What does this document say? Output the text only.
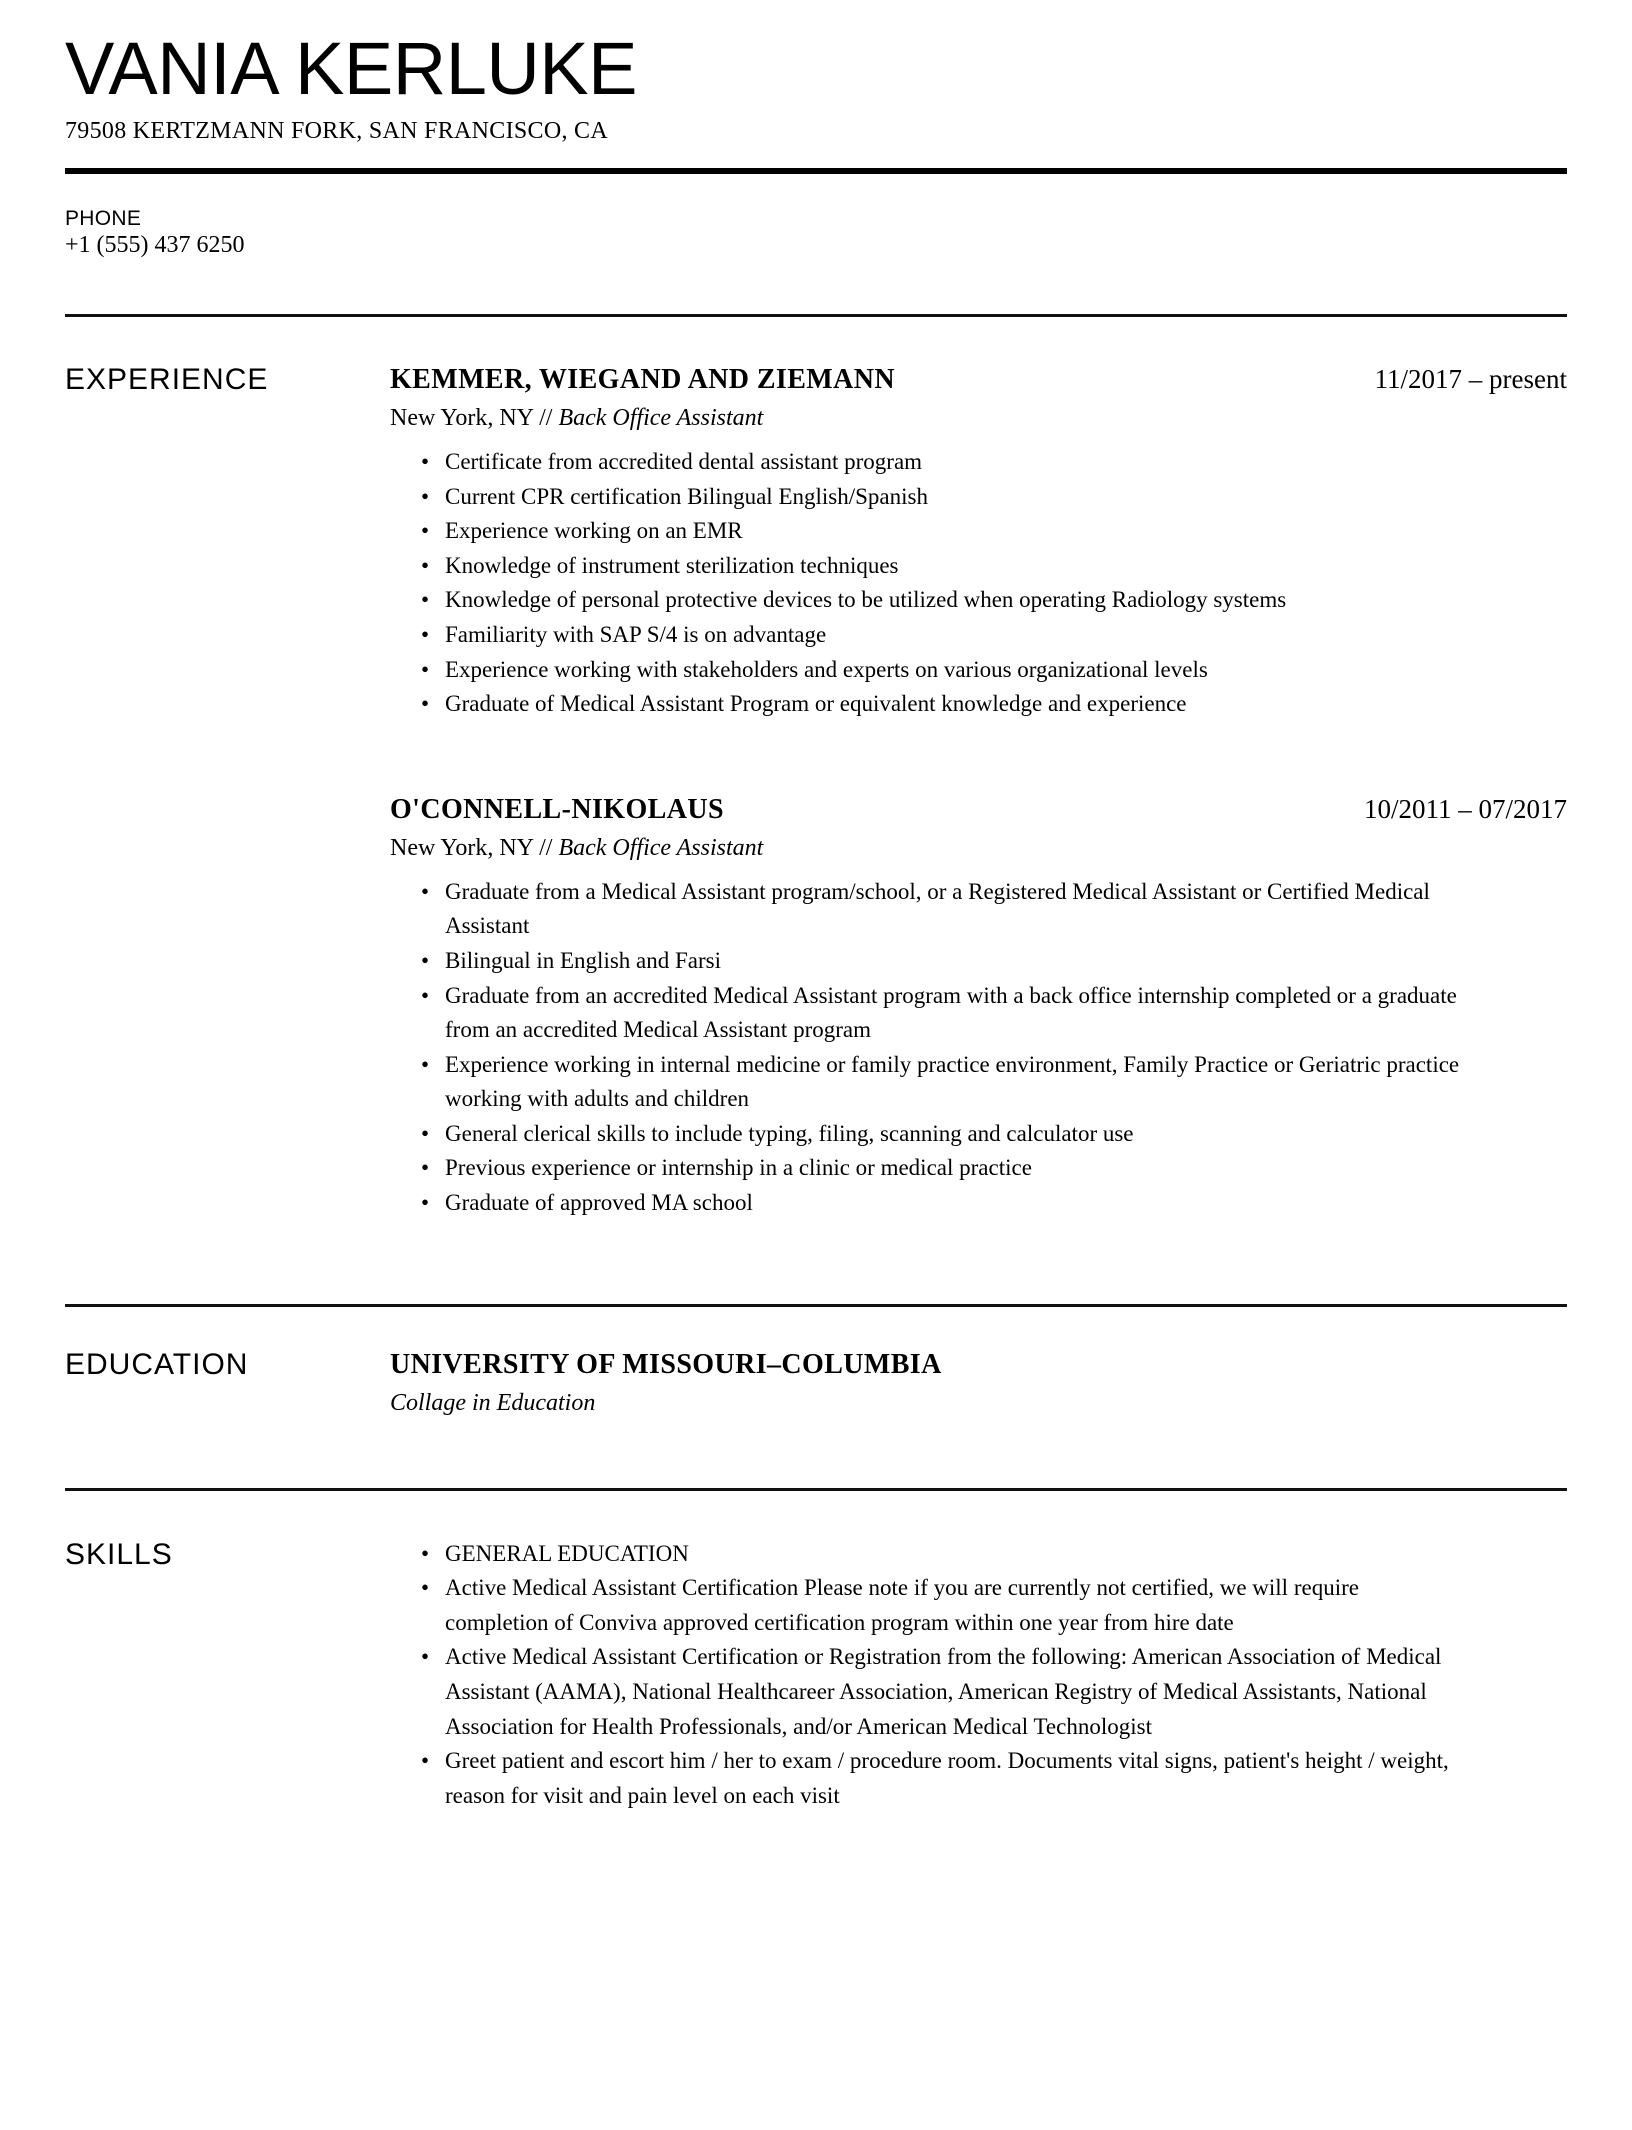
VANIA KERLUKE
79508 KERTZMANN FORK, SAN FRANCISCO, CA
PHONE
+1 (555) 437 6250
EXPERIENCE	KEMMER, WIEGAND AND ZIEMANN	11/2017 – present
New York, NY // Back Office Assistant
• Certificate from accredited dental assistant program
• Current CPR certification Bilingual English/Spanish
• Experience working on an EMR
• Knowledge of instrument sterilization techniques
• Knowledge of personal protective devices to be utilized when operating Radiology systems
• Familiarity with SAP S/4 is on advantage
• Experience working with stakeholders and experts on various organizational levels
• Graduate of Medical Assistant Program or equivalent knowledge and experience
O'CONNELL-NIKOLAUS	10/2011 – 07/2017
New York, NY // Back Office Assistant
• Graduate from a Medical Assistant program/school, or a Registered Medical Assistant or Certified Medical Assistant
• Bilingual in English and Farsi
• Graduate from an accredited Medical Assistant program with a back office internship completed or a graduate from an accredited Medical Assistant program
• Experience working in internal medicine or family practice environment, Family Practice or Geriatric practice working with adults and children
• General clerical skills to include typing, filing, scanning and calculator use
• Previous experience or internship in a clinic or medical practice
• Graduate of approved MA school
EDUCATION	UNIVERSITY OF MISSOURI–COLUMBIA
Collage in Education
SKILLS	• GENERAL EDUCATION
• Active Medical Assistant Certification Please note if you are currently not certified, we will require completion of Conviva approved certification program within one year from hire date
• Active Medical Assistant Certification or Registration from the following: American Association of Medical Assistant (AAMA), National Healthcareer Association, American Registry of Medical Assistants, National Association for Health Professionals, and/or American Medical Technologist
• Greet patient and escort him / her to exam / procedure room. Documents vital signs, patient's height / weight, reason for visit and pain level on each visit
